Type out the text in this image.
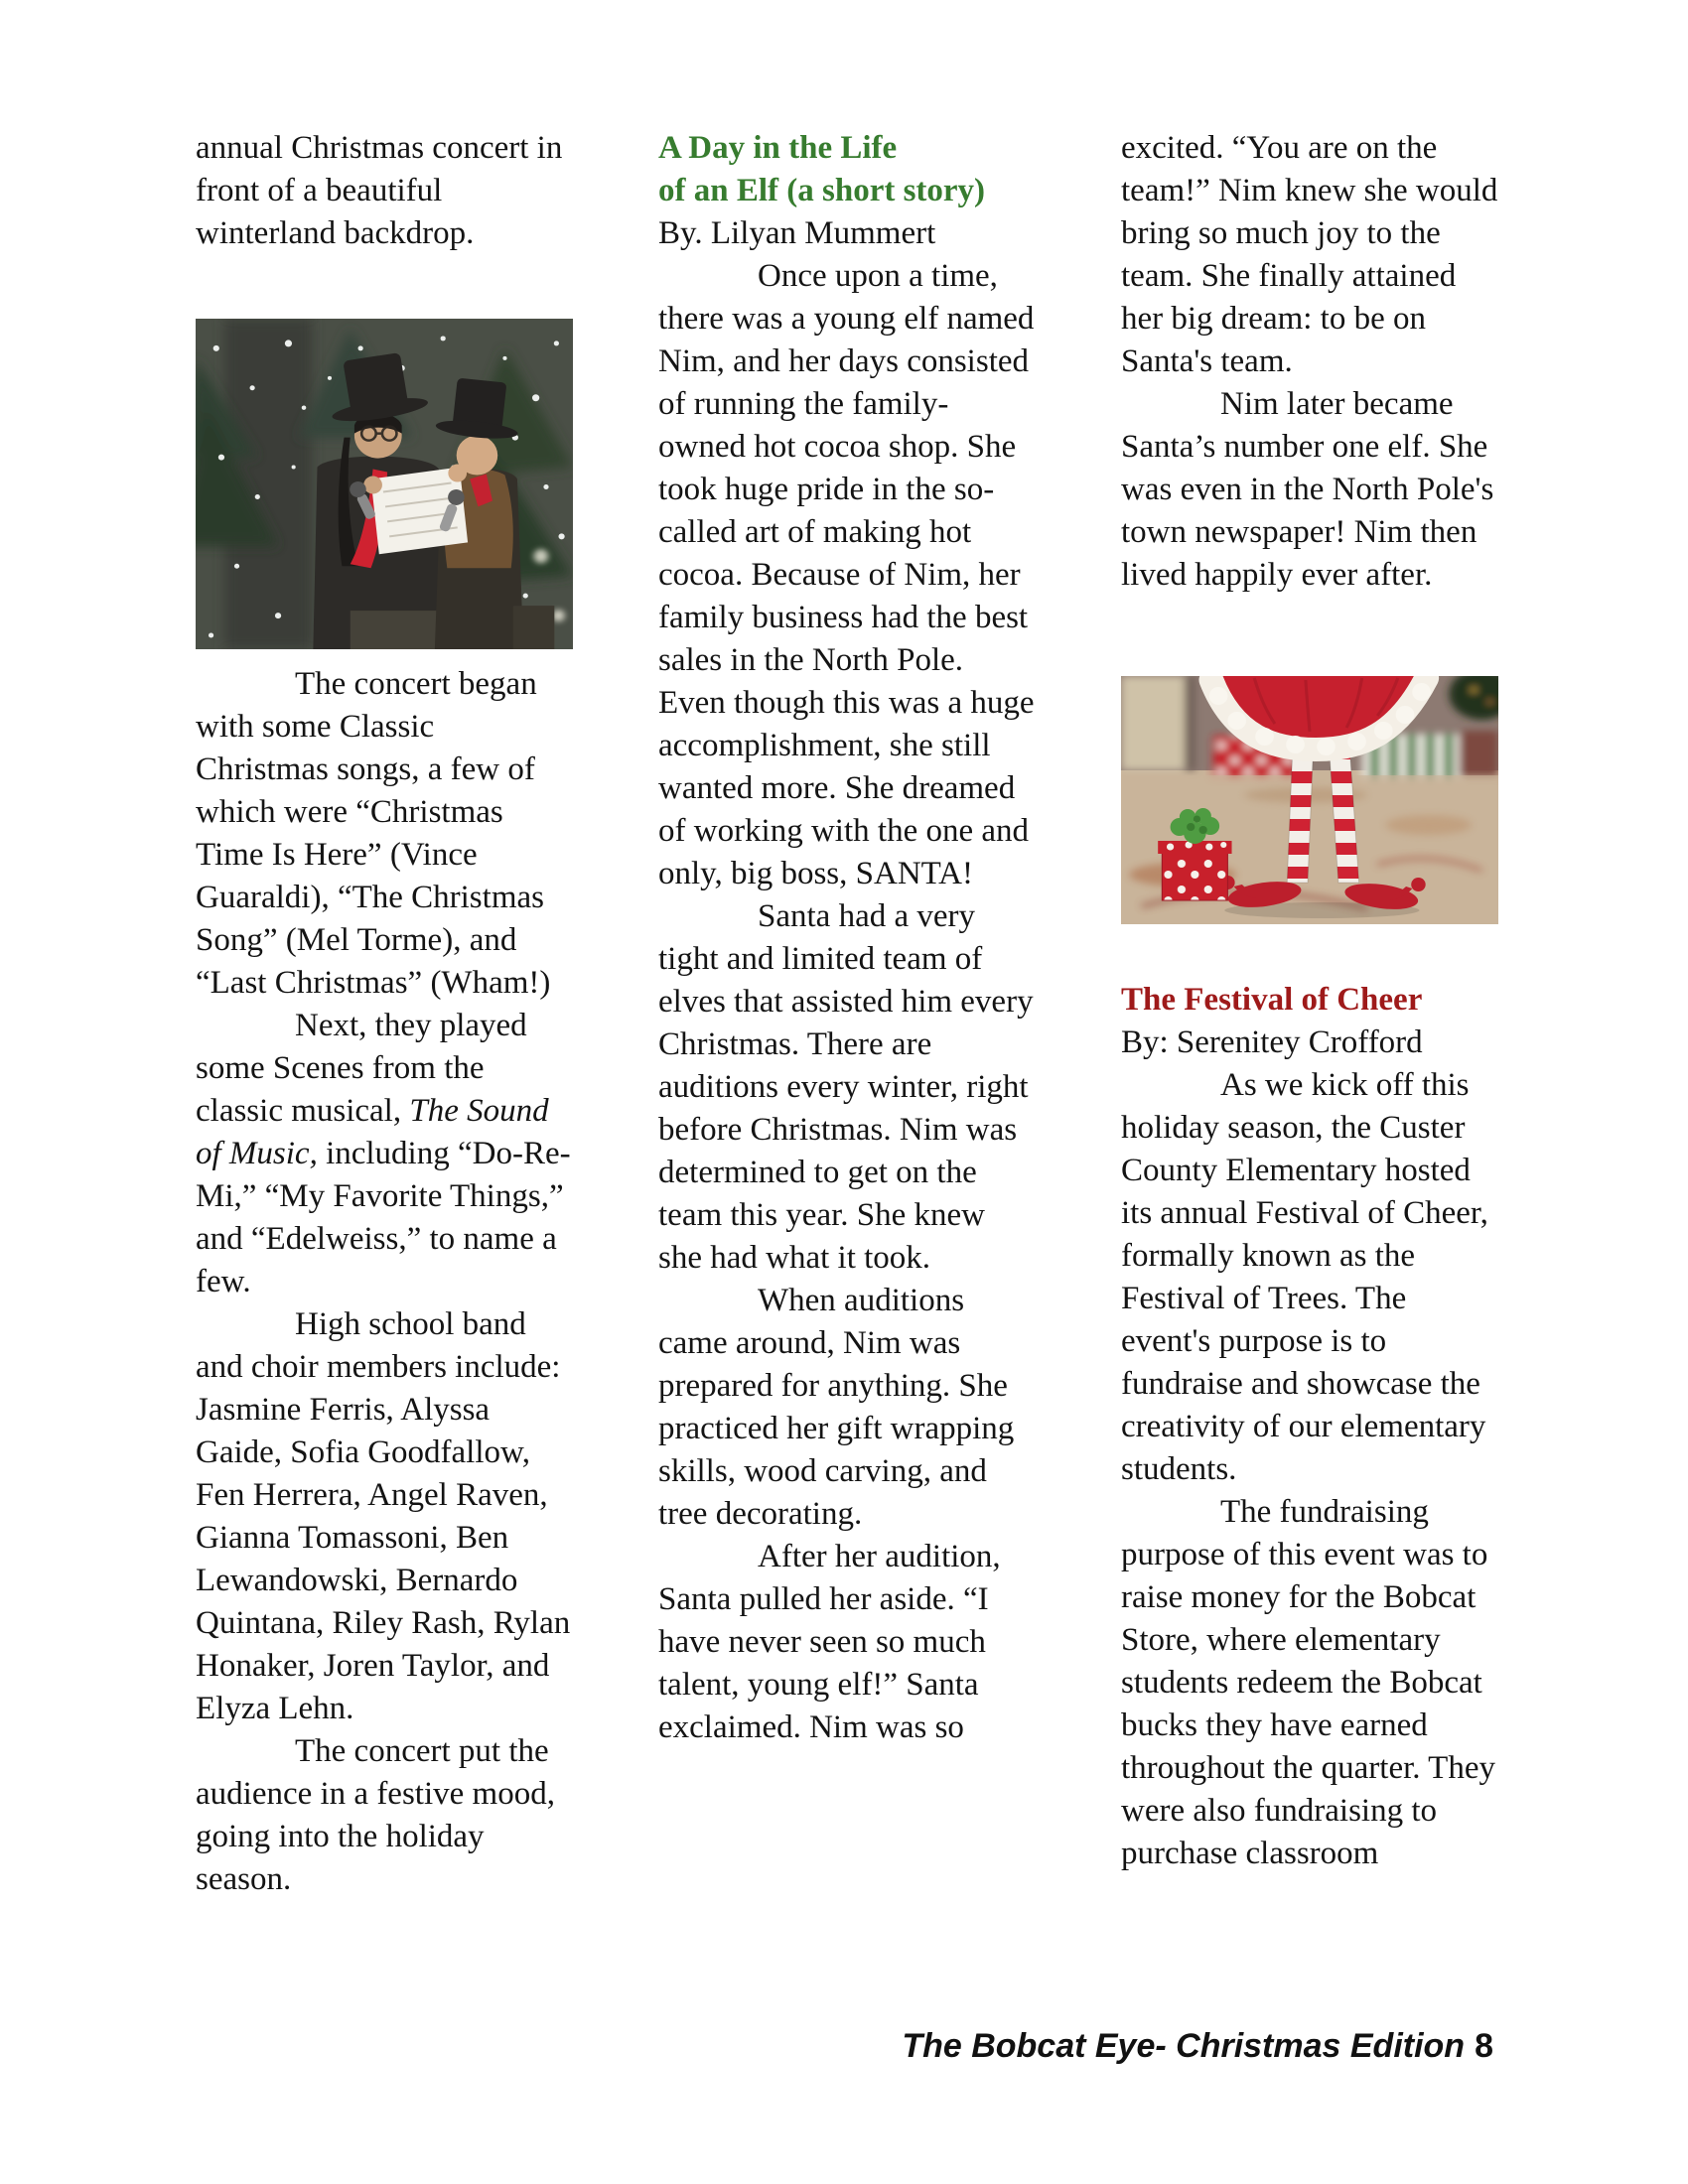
annual Christmas concert in front of a beautiful winterland backdrop.

The concert began with some Classic Christmas songs, a few of which were “Christmas Time Is Here” (Vince Guaraldi), “The Christmas Song” (Mel Torme), and “Last Christmas” (Wham!)

Next, they played some Scenes from the classic musical, The Sound of Music, including “Do-Re-Mi,” “My Favorite Things,” and “Edelweiss,” to name a few.

High school band and choir members include: Jasmine Ferris, Alyssa Gaide, Sofia Goodfallow, Fen Herrera, Angel Raven, Gianna Tomassoni, Ben Lewandowski, Bernardo Quintana, Riley Rash, Rylan Honaker, Joren Taylor, and Elyza Lehn.

The concert put the audience in a festive mood, going into the holiday season.

A Day in the Life
of an Elf (a short story)

By. Lilyan Mummert

Once upon a time, there was a young elf named Nim, and her days consisted of running the family-owned hot cocoa shop. She took huge pride in the so-called art of making hot cocoa. Because of Nim, her family business had the best sales in the North Pole. Even though this was a huge accomplishment, she still wanted more. She dreamed of working with the one and only, big boss, SANTA!

Santa had a very tight and limited team of elves that assisted him every Christmas. There are auditions every winter, right before Christmas. Nim was determined to get on the team this year. She knew she had what it took.

When auditions came around, Nim was prepared for anything. She practiced her gift wrapping skills, wood carving, and tree decorating.

After her audition, Santa pulled her aside. “I have never seen so much talent, young elf!” Santa exclaimed. Nim was so

excited. “You are on the team!” Nim knew she would bring so much joy to the team. She finally attained her big dream: to be on Santa's team.

Nim later became Santa’s number one elf. She was even in the North Pole's town newspaper! Nim then lived happily ever after.

The Festival of Cheer

By: Serenitey Crofford

As we kick off this holiday season, the Custer County Elementary hosted its annual Festival of Cheer, formally known as the Festival of Trees. The event's purpose is to fundraise and showcase the creativity of our elementary students.

The fundraising purpose of this event was to raise money for the Bobcat Store, where elementary students redeem the Bobcat bucks they have earned throughout the quarter. They were also fundraising to purchase classroom

The Bobcat Eye- Christmas Edition 8
